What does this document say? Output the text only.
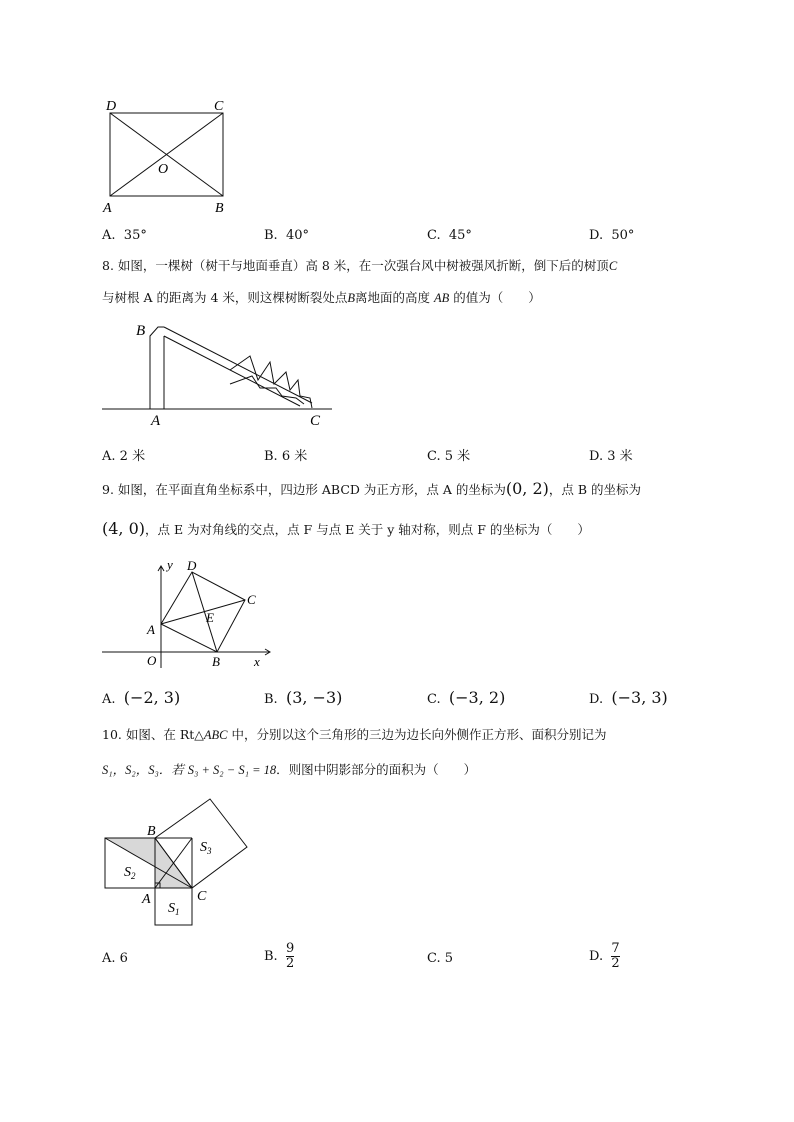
D	C
O
A	B
A. 35°	B. 40°	C. 45°	D. 50°
8. 如图，一棵树（树干与地面垂直）高 8 米，在一次强台风中树被强风折断，倒下后的树顶C
与树根 A 的距离为 4 米，则这棵树断裂处点B离地面的高度 AB 的值为（　　）
B
A	C
A. 2 米	B. 6 米	C. 5 米	D. 3 米
9. 如图，在平面直角坐标系中，四边形 ABCD 为正方形，点 A 的坐标为(0, 2)，点 B 的坐标为
(4, 0)，点 E 为对角线的交点，点 F 与点 E 关于 y 轴对称，则点 F 的坐标为（　　）
y
x
O
A
B
C
D
E
A. (−2, 3)	B. (3, −3)	C. (−3, 2)	D. (−3, 3)
10. 如图、在 Rt△ABC 中，分别以这个三角形的三边为边长向外侧作正方形、面积分别记为
S₁，S₂，S₃．若 S₃ + S₂ − S₁ = 18．则图中阴影部分的面积为（　　）
B
A	C
$S_2$
$S_1$
$S_3$
A. 6	B. $\frac{9}{2}$	C. 5	D. $\frac{7}{2}$
